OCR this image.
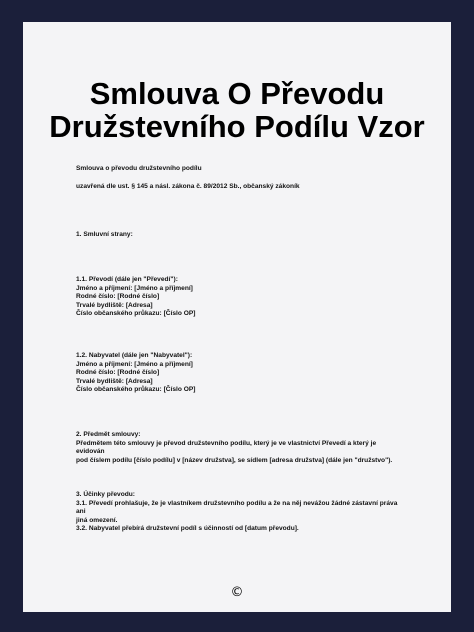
Smlouva O Převodu
Družstevního Podílu Vzor

Smlouva o převodu družstevního podílu

uzavřená dle ust. § 145 a násl. zákona č. 89/2012 Sb., občanský zákoník

1. Smluvní strany:

1.1. Převodí (dále jen "Převedí"):
Jméno a příjmení: [Jméno a příjmení]
Rodné číslo: [Rodné číslo]
Trvalé bydliště: [Adresa]
Číslo občanského průkazu: [Číslo OP]
1.2. Nabyvatel (dále jen "Nabyvatel"):
Jméno a příjmení: [Jméno a příjmení]
Rodné číslo: [Rodné číslo]
Trvalé bydliště: [Adresa]
Číslo občanského průkazu: [Číslo OP]
2. Předmět smlouvy:
Předmětem této smlouvy je převod družstevního podílu, který je ve vlastnictví Převedí a který je evidován
pod číslem podílu [číslo podílu] v [název družstva], se sídlem [adresa družstva] (dále jen "družstvo").
3. Účinky převodu:
3.1. Převedí prohlašuje, že je vlastníkem družstevního podílu a že na něj nevážou žádné zástavní práva ani
jiná omezení.
3.2. Nabyvatel přebírá družstevní podíl s účinností od [datum převodu].
©
